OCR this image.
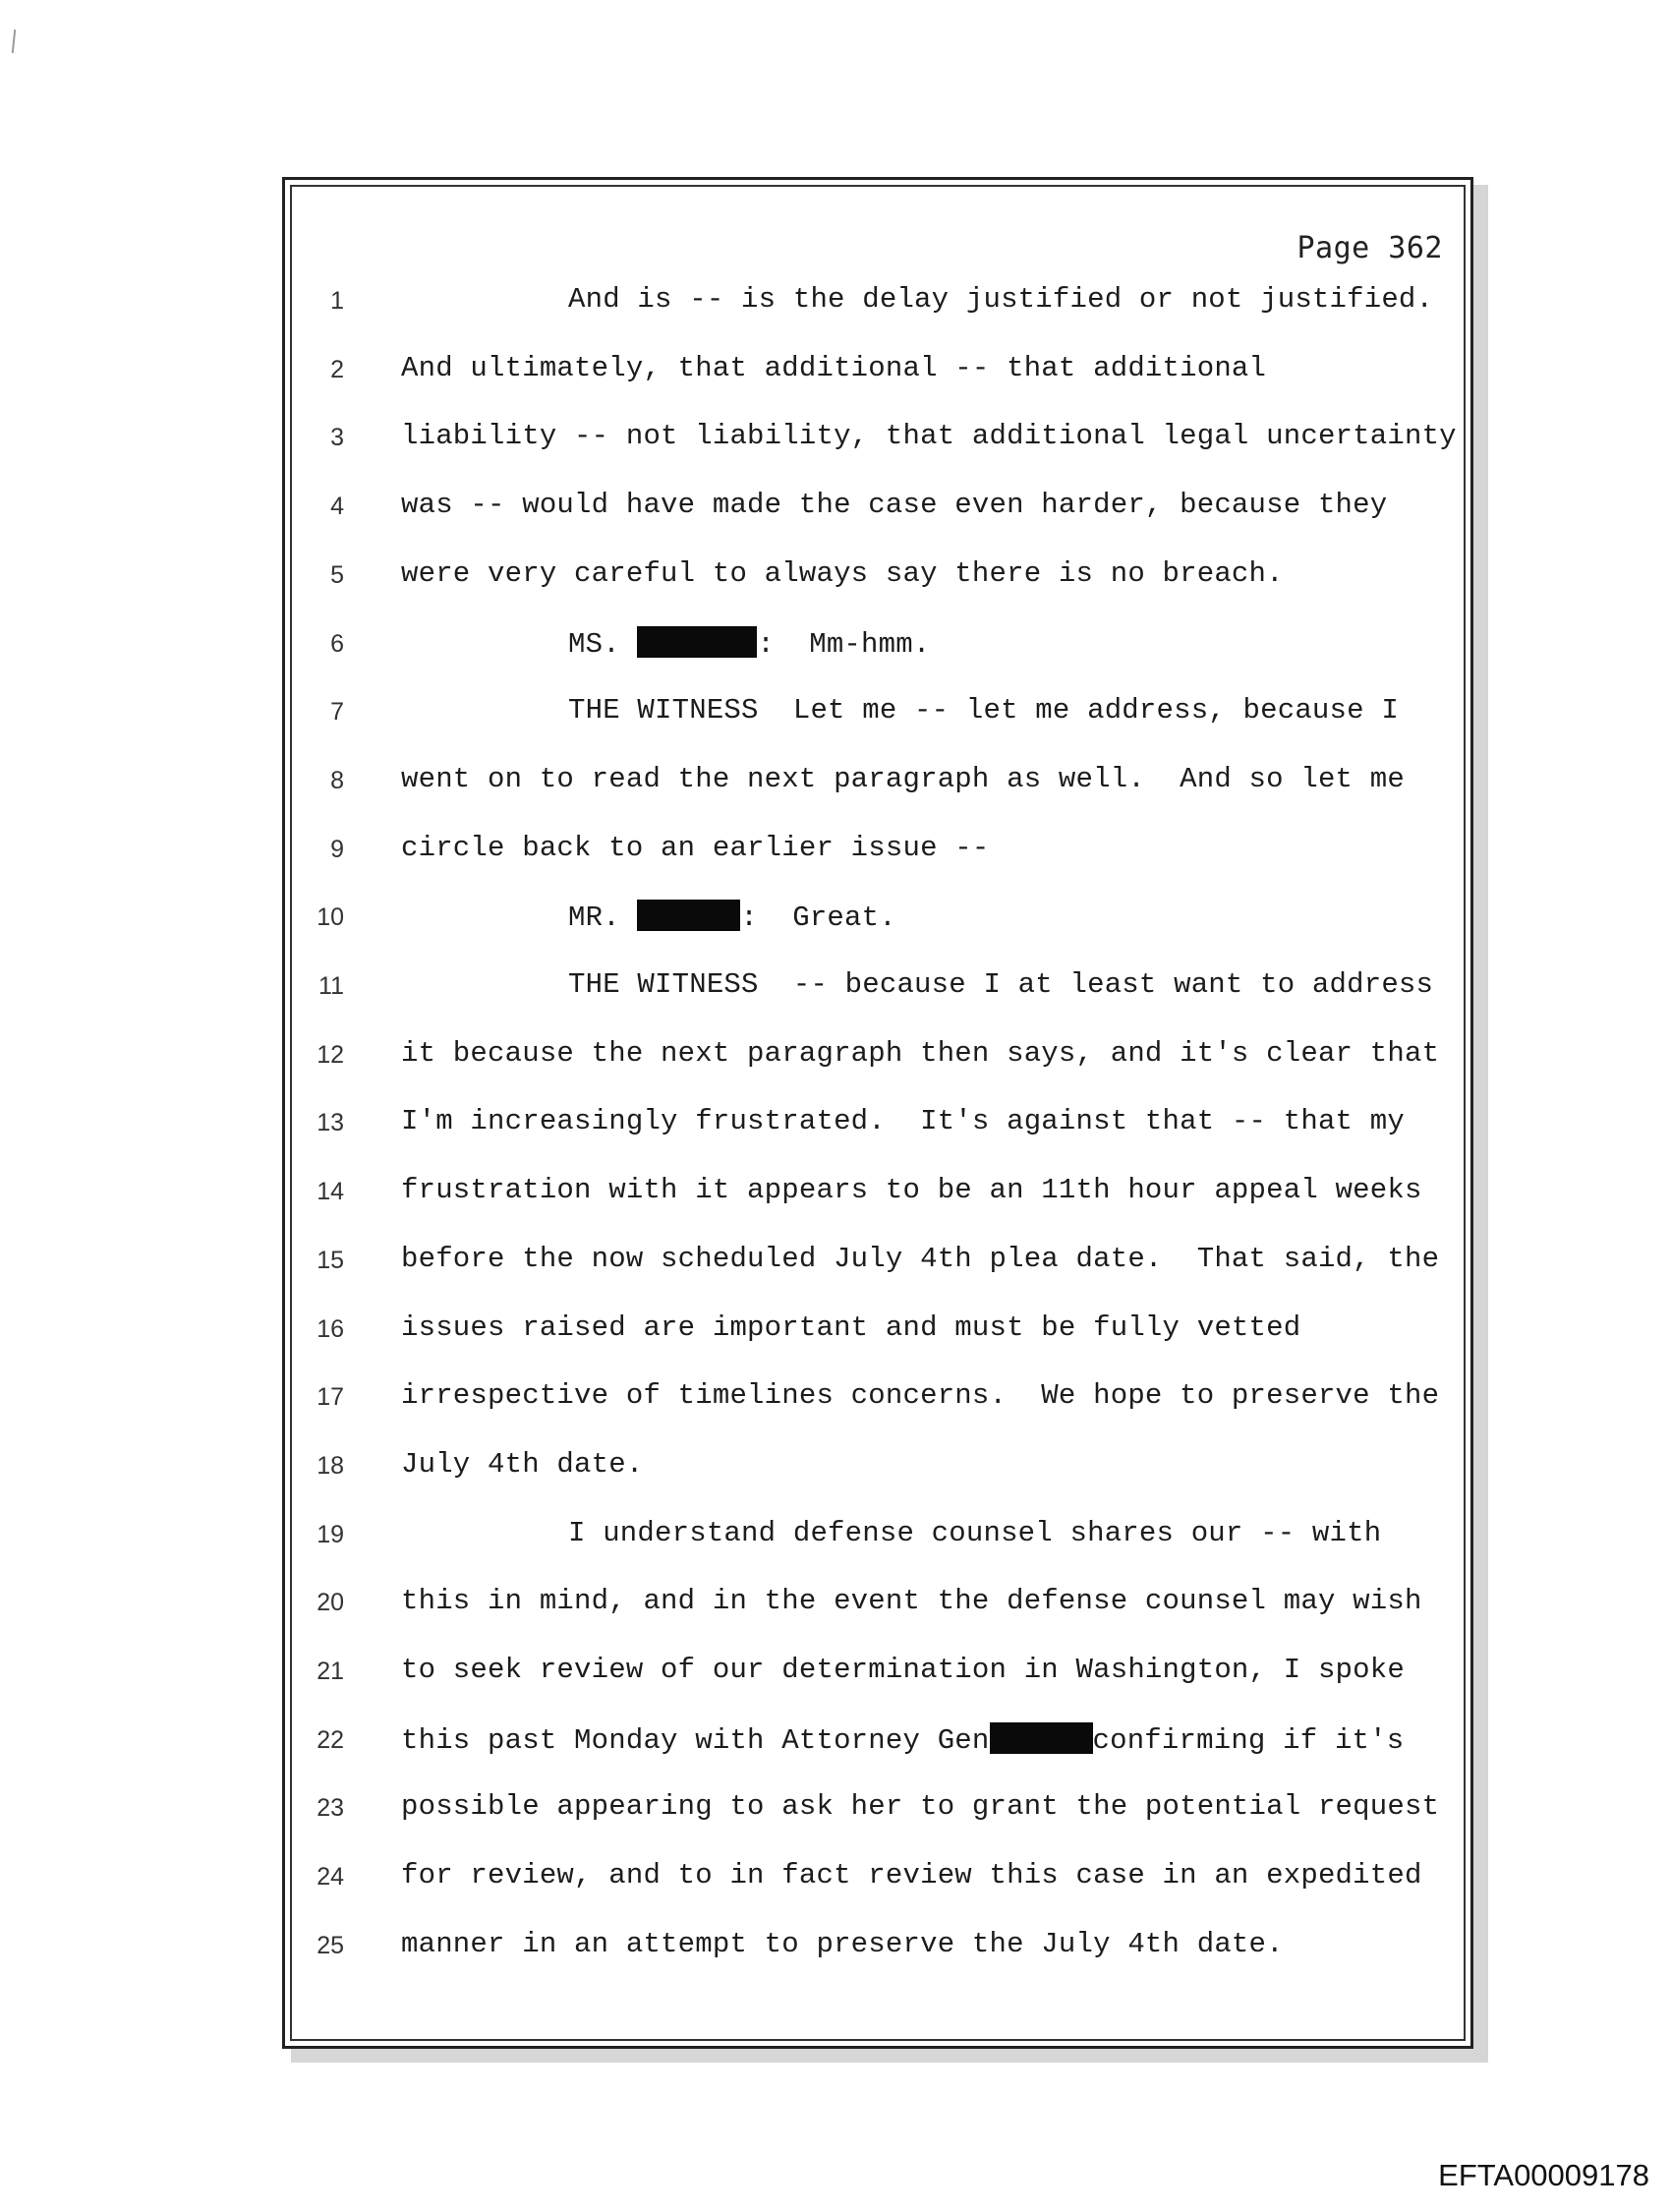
Page 362
1	And is -- is the delay justified or not justified.
2 And ultimately, that additional -- that additional
3 liability -- not liability, that additional legal uncertainty
4 was -- would have made the case even harder, because they
5 were very careful to always say there is no breach.
6	MS.	:  Mm-hmm.
7	THE WITNESS  Let me -- let me address, because I
8 went on to read the next paragraph as well.  And so let me
9 circle back to an earlier issue --
10	MR.	:  Great.
11	THE WITNESS  -- because I at least want to address
12 it because the next paragraph then says, and it's clear that
13 I'm increasingly frustrated.  It's against that -- that my
14 frustration with it appears to be an 11th hour appeal weeks
15 before the now scheduled July 4th plea date.  That said, the
16 issues raised are important and must be fully vetted
17 irrespective of timelines concerns.  We hope to preserve the
18 July 4th date.
19	I understand defense counsel shares our -- with
20 this in mind, and in the event the defense counsel may wish
21 to seek review of our determination in Washington, I spoke
22 this past Monday with Attorney Gen	confirming if it's
23 possible appearing to ask her to grant the potential request
24 for review, and to in fact review this case in an expedited
25 manner in an attempt to preserve the July 4th date.
EFTA00009178
